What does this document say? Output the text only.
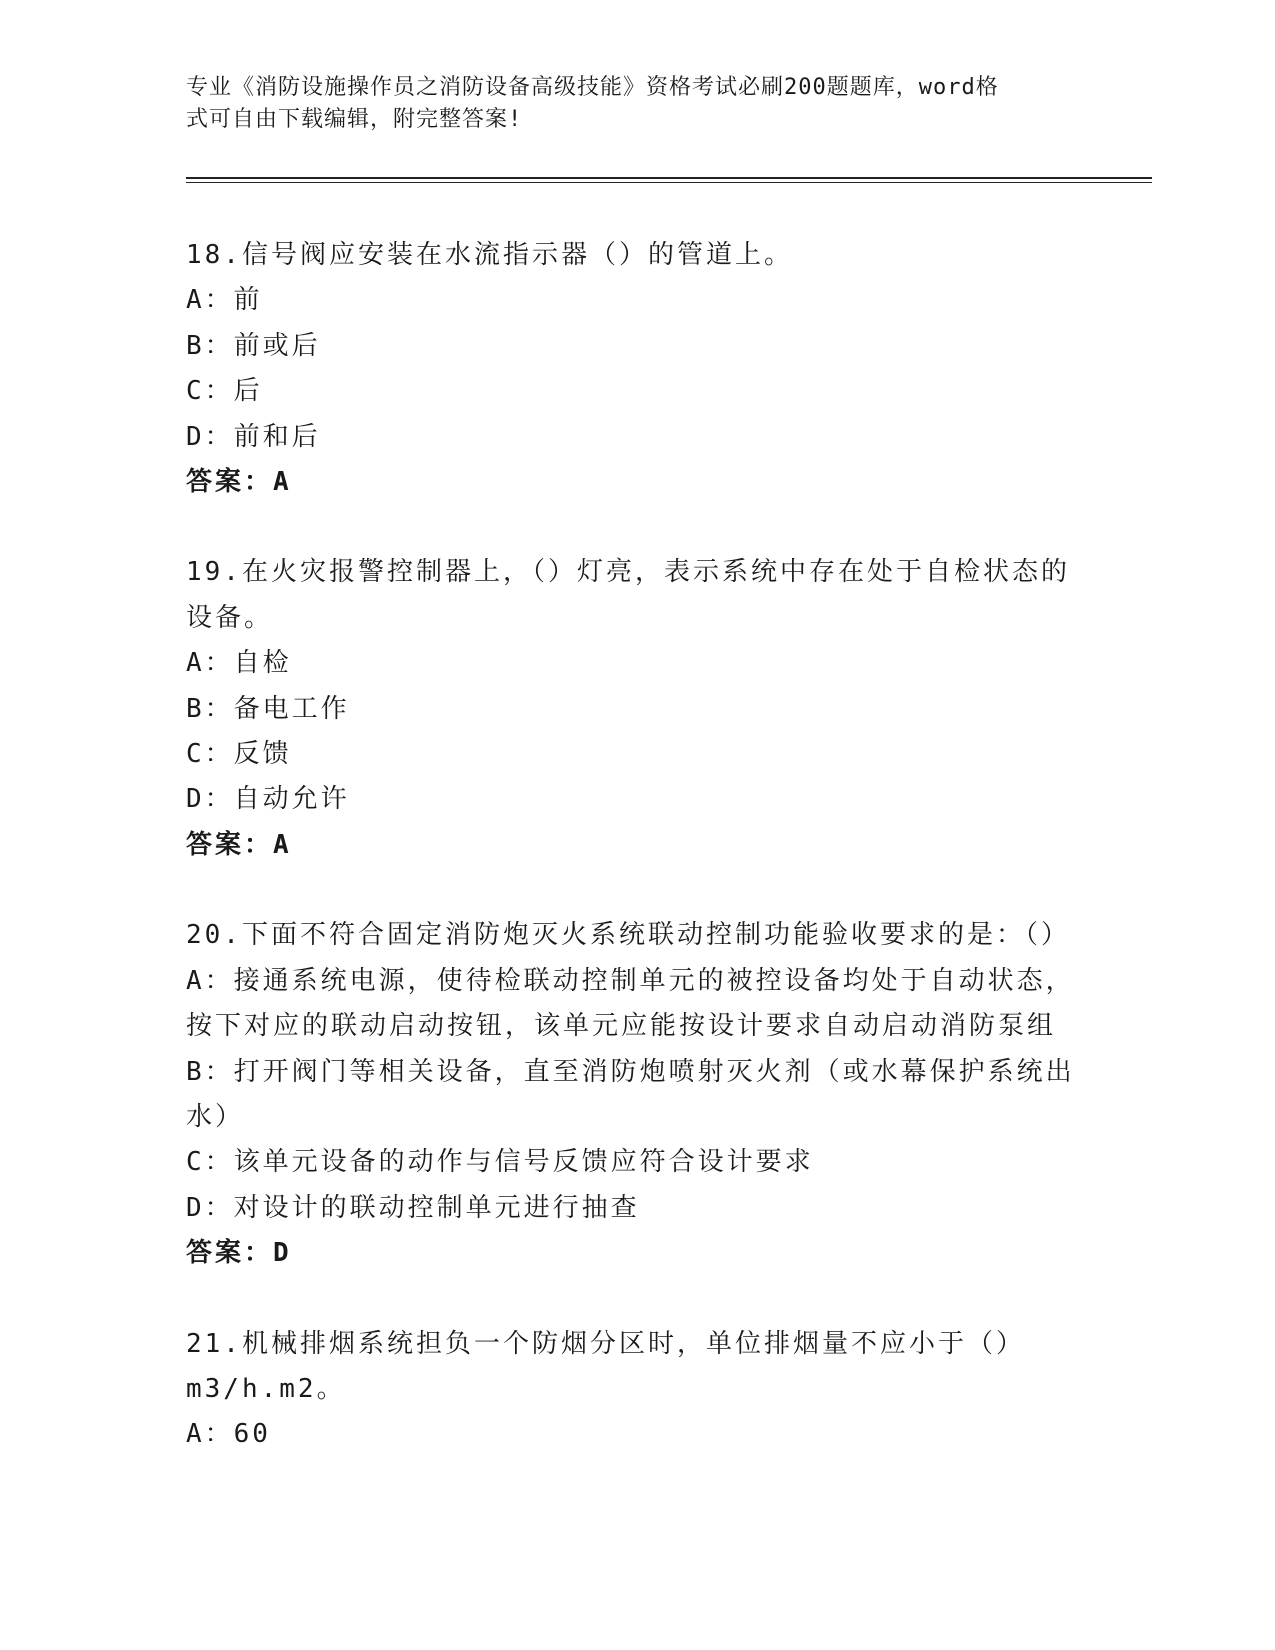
专业《消防设施操作员之消防设备高级技能》资格考试必刷200题题库，word格
式可自由下载编辑，附完整答案!
18.信号阀应安装在水流指示器（）的管道上。
A：前
B：前或后
C：后
D：前和后
答案：A
19.在火灾报警控制器上，（）灯亮，表示系统中存在处于自检状态的
设备。
A：自检
B：备电工作
C：反馈
D：自动允许
答案：A
20.下面不符合固定消防炮灭火系统联动控制功能验收要求的是：（）
A：接通系统电源，使待检联动控制单元的被控设备均处于自动状态，
按下对应的联动启动按钮，该单元应能按设计要求自动启动消防泵组
B：打开阀门等相关设备，直至消防炮喷射灭火剂（或水幕保护系统出
水）
C：该单元设备的动作与信号反馈应符合设计要求
D：对设计的联动控制单元进行抽查
答案：D
21.机械排烟系统担负一个防烟分区时，单位排烟量不应小于（）
m3/h.m2。
A：60
